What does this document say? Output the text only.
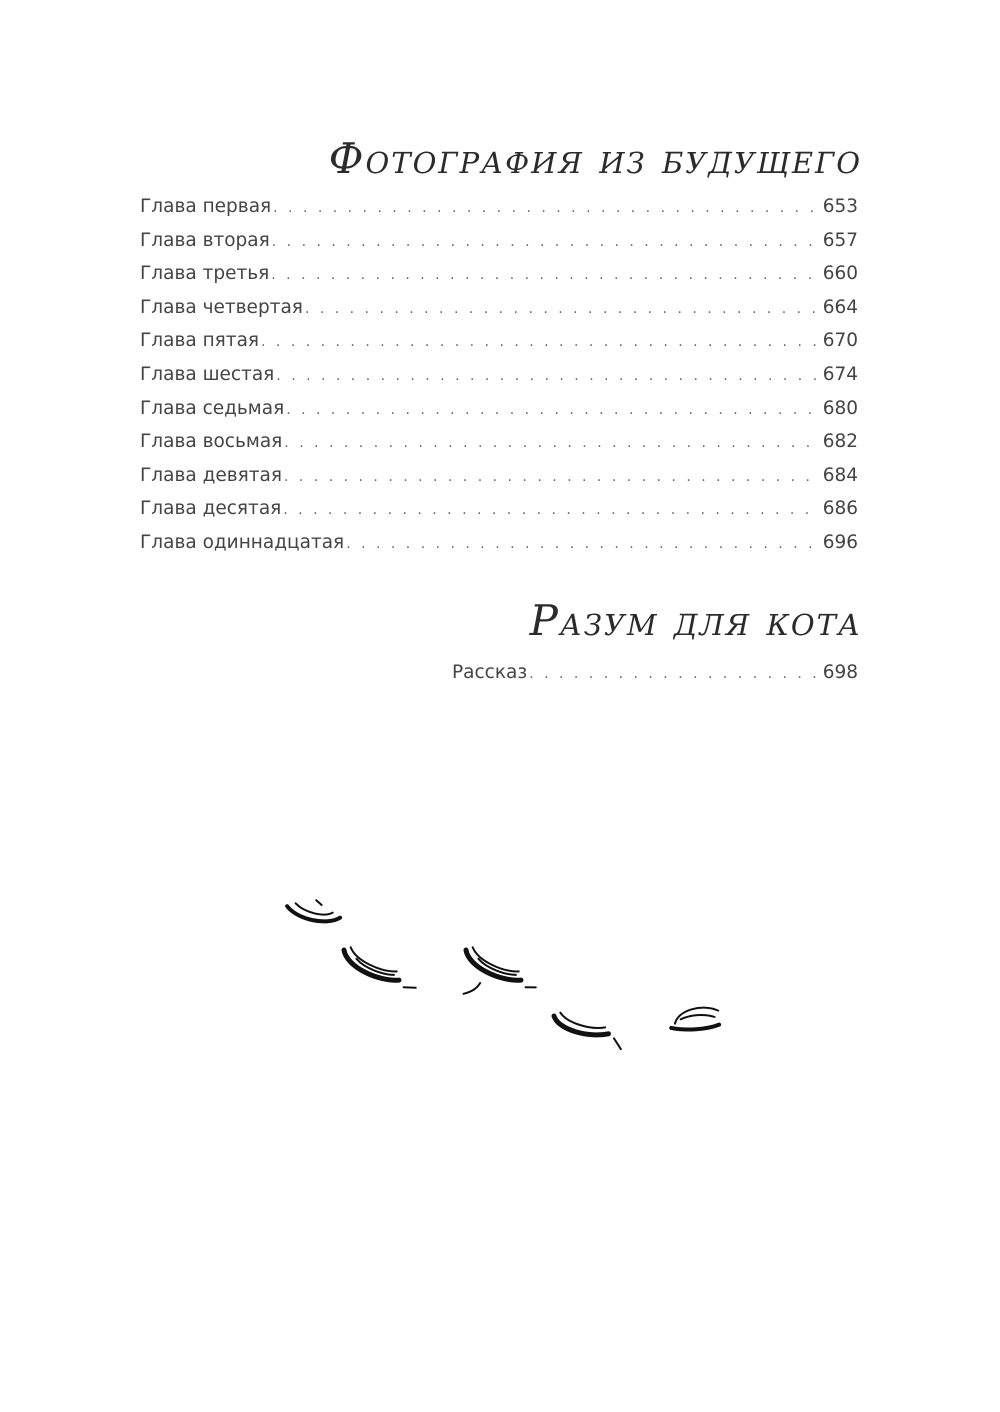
Фотография из будущего
Глава первая . . .	653
Глава вторая . . .	657
Глава третья . . .	660
Глава четвертая . . .	664
Глава пятая . . .	670
Глава шестая . . .	674
Глава седьмая . . .	680
Глава восьмая . . .	682
Глава девятая . . .	684
Глава десятая . . .	686
Глава одиннадцатая . . .	696
Разум для кота
Рассказ . . .	698
